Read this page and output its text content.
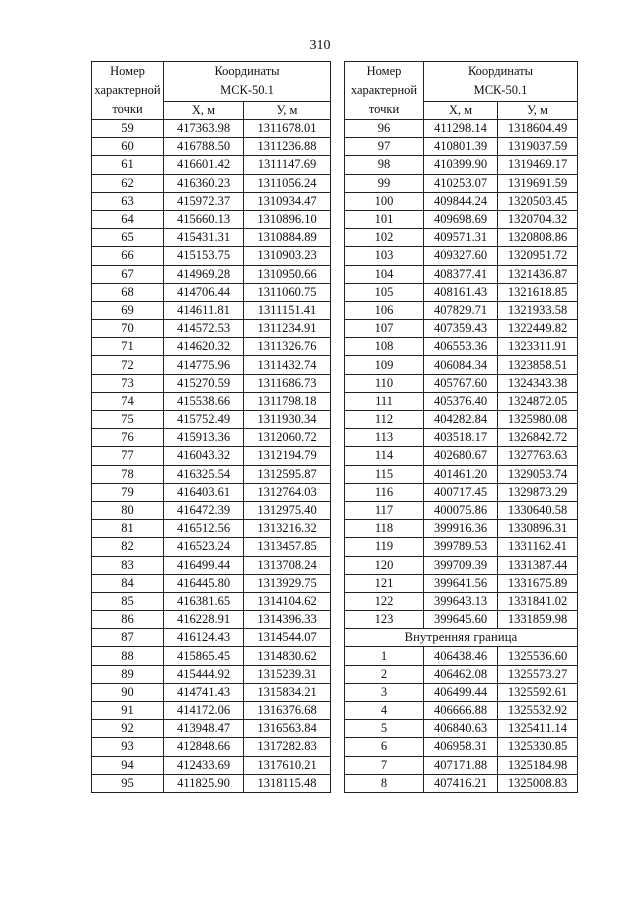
310
Номер
характерной
точки	Координаты
МСК-50.1	
	X, м	У, м
59	417363.98	1311678.01
60	416788.50	1311236.88
61	416601.42	1311147.69
62	416360.23	1311056.24
63	415972.37	1310934.47
64	415660.13	1310896.10
65	415431.31	1310884.89
66	415153.75	1310903.23
67	414969.28	1310950.66
68	414706.44	1311060.75
69	414611.81	1311151.41
70	414572.53	1311234.91
71	414620.32	1311326.76
72	414775.96	1311432.74
73	415270.59	1311686.73
74	415538.66	1311798.18
75	415752.49	1311930.34
76	415913.36	1312060.72
77	416043.32	1312194.79
78	416325.54	1312595.87
79	416403.61	1312764.03
80	416472.39	1312975.40
81	416512.56	1313216.32
82	416523.24	1313457.85
83	416499.44	1313708.24
84	416445.80	1313929.75
85	416381.65	1314104.62
86	416228.91	1314396.33
87	416124.43	1314544.07
88	415865.45	1314830.62
89	415444.92	1315239.31
90	414741.43	1315834.21
91	414172.06	1316376.68
92	413948.47	1316563.84
93	412848.66	1317282.83
94	412433.69	1317610.21
95	411825.90	1318115.48
Номер
характерной
точки	Координаты
МСК-50.1	
	X, м	У, м
96	411298.14	1318604.49
97	410801.39	1319037.59
98	410399.90	1319469.17
99	410253.07	1319691.59
100	409844.24	1320503.45
101	409698.69	1320704.32
102	409571.31	1320808.86
103	409327.60	1320951.72
104	408377.41	1321436.87
105	408161.43	1321618.85
106	407829.71	1321933.58
107	407359.43	1322449.82
108	406553.36	1323311.91
109	406084.34	1323858.51
110	405767.60	1324343.38
111	405376.40	1324872.05
112	404282.84	1325980.08
113	403518.17	1326842.72
114	402680.67	1327763.63
115	401461.20	1329053.74
116	400717.45	1329873.29
117	400075.86	1330640.58
118	399916.36	1330896.31
119	399789.53	1331162.41
120	399709.39	1331387.44
121	399641.56	1331675.89
122	399643.13	1331841.02
123	399645.60	1331859.98
Внутренняя граница		
1	406438.46	1325536.60
2	406462.08	1325573.27
3	406499.44	1325592.61
4	406666.88	1325532.92
5	406840.63	1325411.14
6	406958.31	1325330.85
7	407171.88	1325184.98
8	407416.21	1325008.83
